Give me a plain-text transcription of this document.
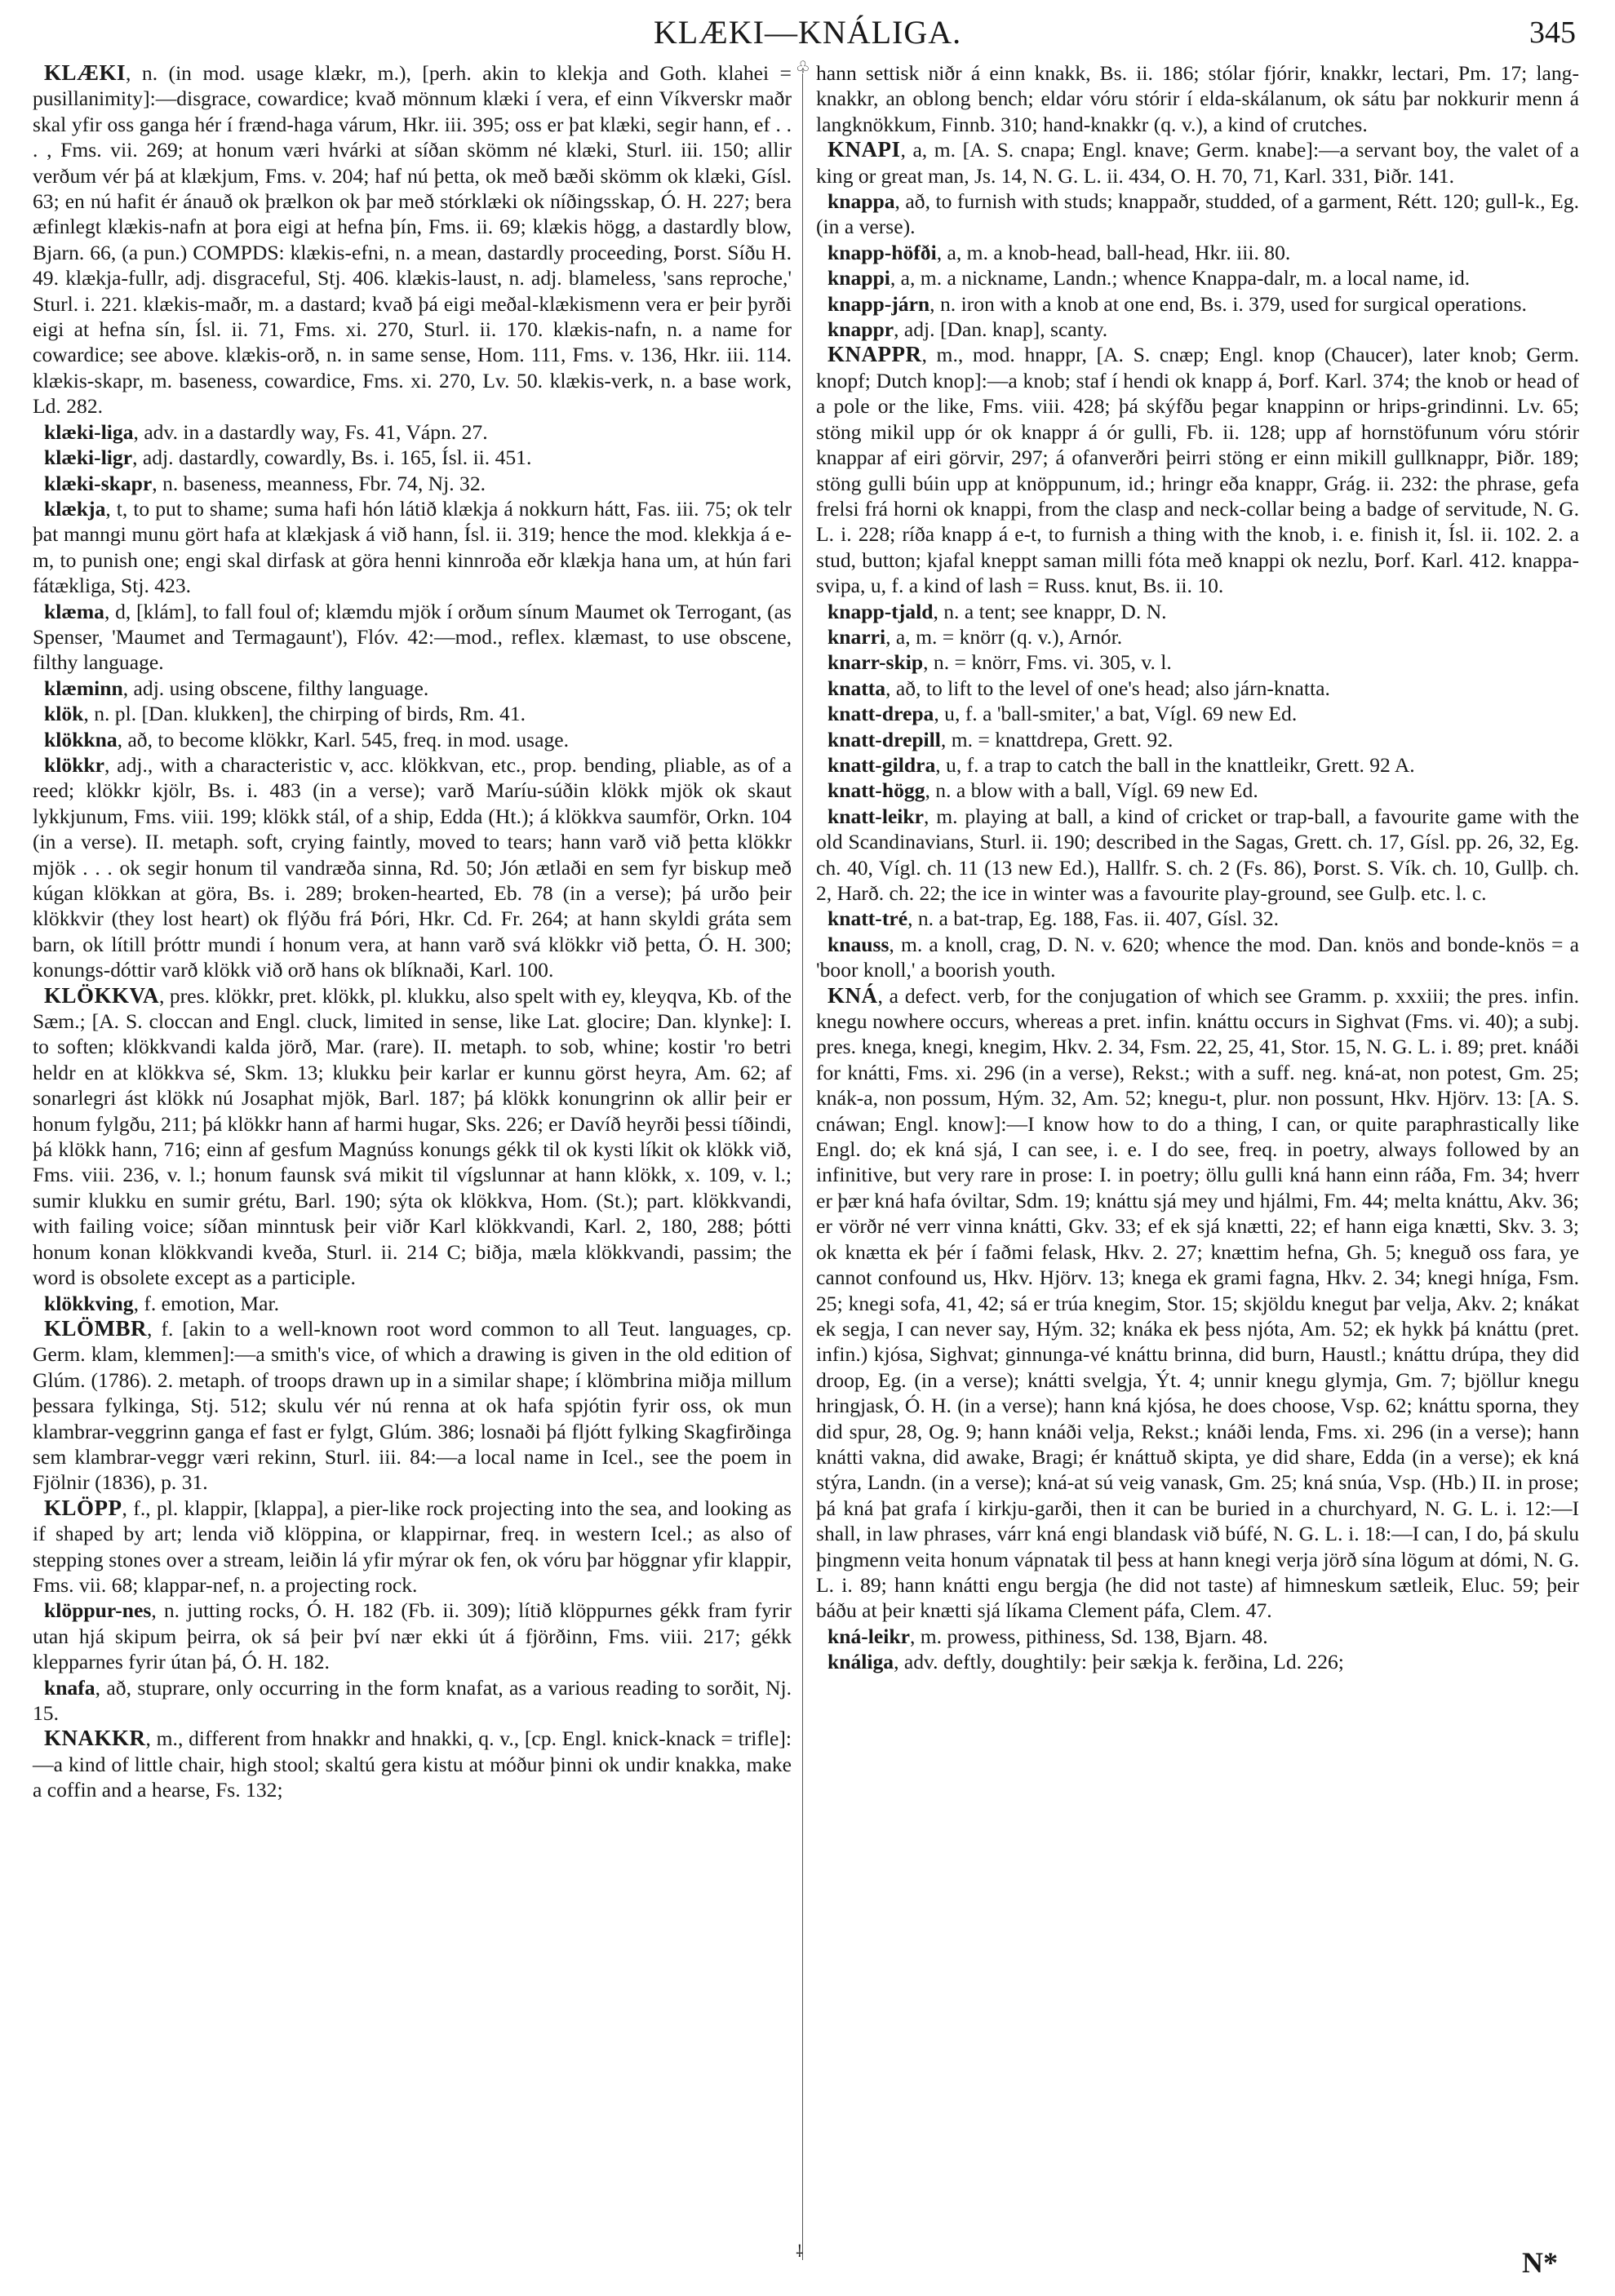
KLÆKI—KNÁLIGA.	345

KLÆKI, n. (in mod. usage klækr, m.), [perh. akin to klekja and Goth. klahei = pusillanimity]:—disgrace, cowardice; kvað mönnum klæki í vera, ef einn Víkverskr maðr skal yfir oss ganga hér í frænd-haga várum, Hkr. iii. 395; oss er þat klæki, segir hann, ef . . . , Fms. vii. 269; at honum væri hvárki at síðan skömm né klæki, Sturl. iii. 150; allir verðum vér þá at klækjum, Fms. v. 204; haf nú þetta, ok með bæði skömm ok klæki, Gísl. 63; en nú hafit ér ánauð ok þrælkon ok þar með stórklæki ok níðingsskap, Ó. H. 227; bera æfinlegt klækis-nafn at þora eigi at hefna þín, Fms. ii. 69; klækis högg, a dastardly blow, Bjarn. 66, (a pun.) COMPDS: klækis-efni, n. a mean, dastardly proceeding, Þorst. Síðu H. 49. klækja-fullr, adj. disgraceful, Stj. 406. klækis-laust, n. adj. blameless, 'sans reproche,' Sturl. i. 221. klækis-maðr, m. a dastard; kvað þá eigi meðal-klækismenn vera er þeir þyrði eigi at hefna sín, Ísl. ii. 71, Fms. xi. 270, Sturl. ii. 170. klækis-nafn, n. a name for cowardice; see above. klækis-orð, n. in same sense, Hom. 111, Fms. v. 136, Hkr. iii. 114. klækis-skapr, m. baseness, cowardice, Fms. xi. 270, Lv. 50. klækis-verk, n. a base work, Ld. 282.

klæki-liga, adv. in a dastardly way, Fs. 41, Vápn. 27.

klæki-ligr, adj. dastardly, cowardly, Bs. i. 165, Ísl. ii. 451.

klæki-skapr, n. baseness, meanness, Fbr. 74, Nj. 32.

klækja, t, to put to shame; suma hafi hón látið klækja á nokkurn hátt, Fas. iii. 75; ok telr þat manngi munu gört hafa at klækjask á við hann, Ísl. ii. 319; hence the mod. klekkja á e-m, to punish one; engi skal dirfask at göra henni kinnroða eðr klækja hana um, at hún fari fátækliga, Stj. 423.

klæma, d, [klám], to fall foul of; klæmdu mjök í orðum sínum Maumet ok Terrogant, (as Spenser, 'Maumet and Termagaunt'), Flóv. 42:—mod., reflex. klæmast, to use obscene, filthy language.

klæminn, adj. using obscene, filthy language.

klök, n. pl. [Dan. klukken], the chirping of birds, Rm. 41.

klökkna, að, to become klökkr, Karl. 545, freq. in mod. usage.

klökkr, adj., with a characteristic v, acc. klökkvan, etc., prop. bending, pliable, as of a reed; klökkr kjölr, Bs. i. 483 (in a verse); varð Maríu-súðin klökk mjök ok skaut lykkjunum, Fms. viii. 199; klökk stál, of a ship, Edda (Ht.); á klökkva saumför, Orkn. 104 (in a verse). II. metaph. soft, crying faintly, moved to tears; hann varð við þetta klökkr mjök . . . ok segir honum til vandræða sinna, Rd. 50; Jón ætlaði en sem fyr biskup með kúgan klökkan at göra, Bs. i. 289; broken-hearted, Eb. 78 (in a verse); þá urðo þeir klökkvir (they lost heart) ok flýðu frá Þóri, Hkr. Cd. Fr. 264; at hann skyldi gráta sem barn, ok lítill þróttr mundi í honum vera, at hann varð svá klökkr við þetta, Ó. H. 300; konungs-dóttir varð klökk við orð hans ok blíknaði, Karl. 100.

KLÖKKVA, pres. klökkr, pret. klökk, pl. klukku, also spelt with ey, kleyqva, Kb. of the Sæm.; [A. S. cloccan and Engl. cluck, limited in sense, like Lat. glocire; Dan. klynke]: I. to soften; klökkvandi kalda jörð, Mar. (rare). II. metaph. to sob, whine; kostir 'ro betri heldr en at klökkva sé, Skm. 13; klukku þeir karlar er kunnu görst heyra, Am. 62; af sonarlegri ást klökk nú Josaphat mjök, Barl. 187; þá klökk konungrinn ok allir þeir er honum fylgðu, 211; þá klökkr hann af harmi hugar, Sks. 226; er Davíð heyrði þessi tíðindi, þá klökk hann, 716; einn af gesfum Magnúss konungs gékk til ok kysti líkit ok klökk við, Fms. viii. 236, v. l.; honum faunsk svá mikit til vígslunnar at hann klökk, x. 109, v. l.; sumir klukku en sumir grétu, Barl. 190; sýta ok klökkva, Hom. (St.); part. klökkvandi, with failing voice; síðan minntusk þeir viðr Karl klökkvandi, Karl. 2, 180, 288; þótti honum konan klökkvandi kveða, Sturl. ii. 214 C; biðja, mæla klökkvandi, passim; the word is obsolete except as a participle.

klökkving, f. emotion, Mar.

KLÖMBR, f. [akin to a well-known root word common to all Teut. languages, cp. Germ. klam, klemmen]:—a smith's vice, of which a drawing is given in the old edition of Glúm. (1786). 2. metaph. of troops drawn up in a similar shape; í klömbrina miðja millum þessara fylkinga, Stj. 512; skulu vér nú renna at ok hafa spjótin fyrir oss, ok mun klambrar-veggrinn ganga ef fast er fylgt, Glúm. 386; losnaði þá fljótt fylking Skagfirðinga sem klambrar-veggr væri rekinn, Sturl. iii. 84:—a local name in Icel., see the poem in Fjölnir (1836), p. 31.

KLÖPP, f., pl. klappir, [klappa], a pier-like rock projecting into the sea, and looking as if shaped by art; lenda við klöppina, or klappirnar, freq. in western Icel.; as also of stepping stones over a stream, leiðin lá yfir mýrar ok fen, ok vóru þar höggnar yfir klappir, Fms. vii. 68; klappar-nef, n. a projecting rock.

klöppur-nes, n. jutting rocks, Ó. H. 182 (Fb. ii. 309); lítið klöppurnes gékk fram fyrir utan hjá skipum þeirra, ok sá þeir því nær ekki út á fjörðinn, Fms. viii. 217; gékk klepparnes fyrir útan þá, Ó. H. 182.

knafa, að, stuprare, only occurring in the form knafat, as a various reading to sorðit, Nj. 15.

KNAKKR, m., different from hnakkr and hnakki, q. v., [cp. Engl. knick-knack = trifle]:—a kind of little chair, high stool; skaltú gera kistu at móður þinni ok undir knakka, make a coffin and a hearse, Fs. 132;

♧
⸸

hann settisk niðr á einn knakk, Bs. ii. 186; stólar fjórir, knakkr, lectari, Pm. 17; lang-knakkr, an oblong bench; eldar vóru stórir í elda-skálanum, ok sátu þar nokkurir menn á langknökkum, Finnb. 310; hand-knakkr (q. v.), a kind of crutches.

KNAPI, a, m. [A. S. cnapa; Engl. knave; Germ. knabe]:—a servant boy, the valet of a king or great man, Js. 14, N. G. L. ii. 434, O. H. 70, 71, Karl. 331, Þiðr. 141.

knappa, að, to furnish with studs; knappaðr, studded, of a garment, Rétt. 120; gull-k., Eg. (in a verse).

knapp-höfði, a, m. a knob-head, ball-head, Hkr. iii. 80.

knappi, a, m. a nickname, Landn.; whence Knappa-dalr, m. a local name, id.

knapp-járn, n. iron with a knob at one end, Bs. i. 379, used for surgical operations.

knappr, adj. [Dan. knap], scanty.

KNAPPR, m., mod. hnappr, [A. S. cnæp; Engl. knop (Chaucer), later knob; Germ. knopf; Dutch knop]:—a knob; staf í hendi ok knapp á, Þorf. Karl. 374; the knob or head of a pole or the like, Fms. viii. 428; þá skýfðu þegar knappinn or hrips-grindinni. Lv. 65; stöng mikil upp ór ok knappr á ór gulli, Fb. ii. 128; upp af hornstöfunum vóru stórir knappar af eiri görvir, 297; á ofanverðri þeirri stöng er einn mikill gullknappr, Þiðr. 189; stöng gulli búin upp at knöppunum, id.; hringr eða knappr, Grág. ii. 232: the phrase, gefa frelsi frá horni ok knappi, from the clasp and neck-collar being a badge of servitude, N. G. L. i. 228; ríða knapp á e-t, to furnish a thing with the knob, i. e. finish it, Ísl. ii. 102. 2. a stud, button; kjafal kneppt saman milli fóta með knappi ok nezlu, Þorf. Karl. 412. knappa-svipa, u, f. a kind of lash = Russ. knut, Bs. ii. 10.

knapp-tjald, n. a tent; see knappr, D. N.

knarri, a, m. = knörr (q. v.), Arnór.

knarr-skip, n. = knörr, Fms. vi. 305, v. l.

knatta, að, to lift to the level of one's head; also járn-knatta.

knatt-drepa, u, f. a 'ball-smiter,' a bat, Vígl. 69 new Ed.

knatt-drepill, m. = knattdrepa, Grett. 92.

knatt-gildra, u, f. a trap to catch the ball in the knattleikr, Grett. 92 A.

knatt-högg, n. a blow with a ball, Vígl. 69 new Ed.

knatt-leikr, m. playing at ball, a kind of cricket or trap-ball, a favourite game with the old Scandinavians, Sturl. ii. 190; described in the Sagas, Grett. ch. 17, Gísl. pp. 26, 32, Eg. ch. 40, Vígl. ch. 11 (13 new Ed.), Hallfr. S. ch. 2 (Fs. 86), Þorst. S. Vík. ch. 10, Gullþ. ch. 2, Harð. ch. 22; the ice in winter was a favourite play-ground, see Gulþ. etc. l. c.

knatt-tré, n. a bat-trap, Eg. 188, Fas. ii. 407, Gísl. 32.

knauss, m. a knoll, crag, D. N. v. 620; whence the mod. Dan. knös and bonde-knös = a 'boor knoll,' a boorish youth.

KNÁ, a defect. verb, for the conjugation of which see Gramm. p. xxxiii; the pres. infin. knegu nowhere occurs, whereas a pret. infin. knáttu occurs in Sighvat (Fms. vi. 40); a subj. pres. knega, knegi, knegim, Hkv. 2. 34, Fsm. 22, 25, 41, Stor. 15, N. G. L. i. 89; pret. knáði for knátti, Fms. xi. 296 (in a verse), Rekst.; with a suff. neg. kná-at, non potest, Gm. 25; knák-a, non possum, Hým. 32, Am. 52; knegu-t, plur. non possunt, Hkv. Hjörv. 13: [A. S. cnáwan; Engl. know]:—I know how to do a thing, I can, or quite paraphrastically like Engl. do; ek kná sjá, I can see, i. e. I do see, freq. in poetry, always followed by an infinitive, but very rare in prose: I. in poetry; öllu gulli kná hann einn ráða, Fm. 34; hverr er þær kná hafa óviltar, Sdm. 19; knáttu sjá mey und hjálmi, Fm. 44; melta knáttu, Akv. 36; er vörðr né verr vinna knátti, Gkv. 33; ef ek sjá knætti, 22; ef hann eiga knætti, Skv. 3. 3; ok knætta ek þér í faðmi felask, Hkv. 2. 27; knættim hefna, Gh. 5; kneguð oss fara, ye cannot confound us, Hkv. Hjörv. 13; knega ek grami fagna, Hkv. 2. 34; knegi hníga, Fsm. 25; knegi sofa, 41, 42; sá er trúa knegim, Stor. 15; skjöldu knegut þar velja, Akv. 2; knákat ek segja, I can never say, Hým. 32; knáka ek þess njóta, Am. 52; ek hykk þá knáttu (pret. infin.) kjósa, Sighvat; ginnunga-vé knáttu brinna, did burn, Haustl.; knáttu drúpa, they did droop, Eg. (in a verse); knátti svelgja, Ýt. 4; unnir knegu glymja, Gm. 7; bjöllur knegu hringjask, Ó. H. (in a verse); hann kná kjósa, he does choose, Vsp. 62; knáttu sporna, they did spur, 28, Og. 9; hann knáði velja, Rekst.; knáði lenda, Fms. xi. 296 (in a verse); hann knátti vakna, did awake, Bragi; ér knáttuð skipta, ye did share, Edda (in a verse); ek kná stýra, Landn. (in a verse); kná-at sú veig vanask, Gm. 25; kná snúa, Vsp. (Hb.) II. in prose; þá kná þat grafa í kirkju-garði, then it can be buried in a churchyard, N. G. L. i. 12:—I shall, in law phrases, várr kná engi blandask við búfé, N. G. L. i. 18:—I can, I do, þá skulu þingmenn veita honum vápnatak til þess at hann knegi verja jörð sína lögum at dómi, N. G. L. i. 89; hann knátti engu bergja (he did not taste) af himneskum sætleik, Eluc. 59; þeir báðu at þeir knætti sjá líkama Clement páfa, Clem. 47.

kná-leikr, m. prowess, pithiness, Sd. 138, Bjarn. 48.

knáliga, adv. deftly, doughtily: þeir sækja k. ferðina, Ld. 226;

N*
